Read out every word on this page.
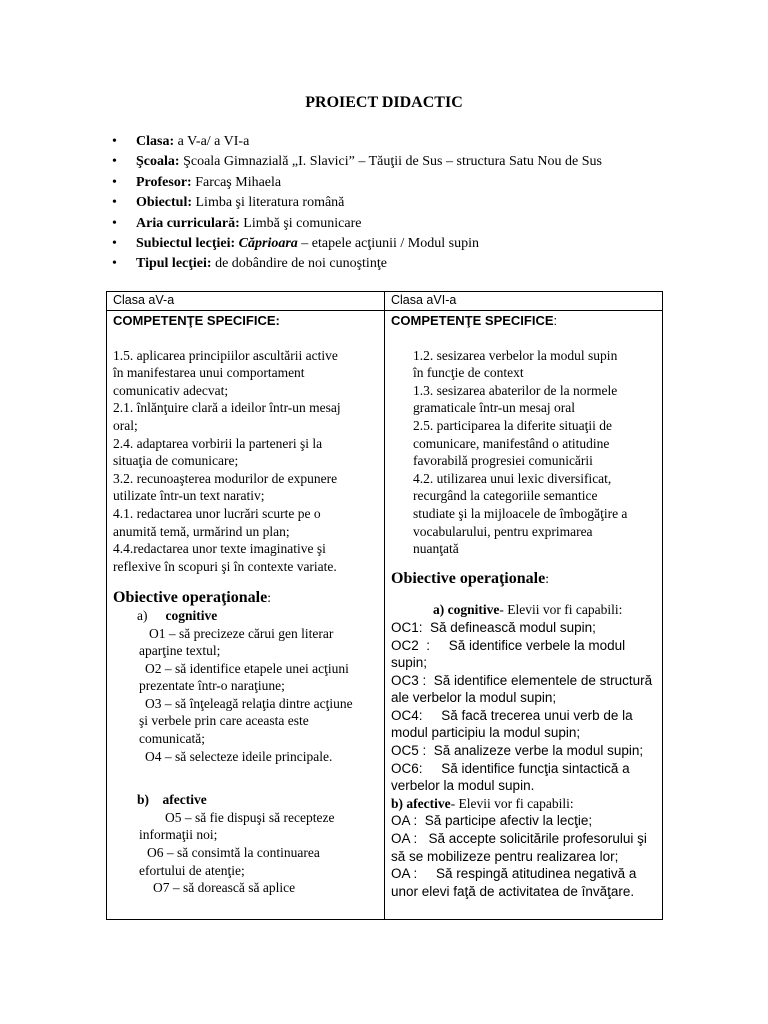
PROIECT DIDACTIC
• Clasa: a V-a/ a VI-a
• Şcoala: Şcoala Gimnazială „I. Slavici” – Tăuţii de Sus – structura Satu Nou de Sus
• Profesor: Farcaş Mihaela
• Obiectul: Limba şi literatura română
• Aria curriculară: Limbă şi comunicare
• Subiectul lecţiei: Căprioara – etapele acţiunii / Modul supin
• Tipul lecţiei: de dobândire de noi cunoştinţe
Clasa aV-a	Clasa aVI-a

COMPETENŢE SPECIFICE:

1.5. aplicarea principiilor ascultării active

în manifestarea unui comportament

comunicativ adecvat;

2.1. înlănţuire clară a ideilor într-un mesaj

oral;

2.4. adaptarea vorbirii la parteneri şi la

situaţia de comunicare;

3.2. recunoaşterea modurilor de expunere

utilizate într-un text narativ;

4.1. redactarea unor lucrări scurte pe o

anumită temă, urmărind un plan;

4.4.redactarea unor texte imaginative şi

reflexive în scopuri şi în contexte variate.

Obiective operaţionale:

a) cognitive

O1 – să precizeze cărui gen literar

aparţine textul;

O2 – să identifice etapele unei acţiuni

prezentate într-o naraţiune;

O3 – să înţeleagă relaţia dintre acţiune

şi verbele prin care aceasta este

comunicată;

O4 – să selecteze ideile principale.

b)    afective

O5 – să fie dispuşi să recepteze

informaţii noi;

O6 – să consimtă la continuarea

efortului de atenţie;

O7 – să dorească să aplice

COMPETENŢE SPECIFICE:

1.2. sesizarea verbelor la modul supin

în funcţie de context

1.3. sesizarea abaterilor de la normele

gramaticale într-un mesaj oral

2.5. participarea la diferite situaţii de

comunicare, manifestând o atitudine

favorabilă progresiei comunicării

4.2. utilizarea unui lexic diversificat,

recurgând la categoriile semantice

studiate şi la mijloacele de îmbogăţire a

vocabularului, pentru exprimarea

nuanţată

Obiective operaţionale:

a) cognitive- Elevii vor fi capabili:

OC1:  Să definească modul supin;

OC2  :     Să identifice verbele la modul

supin;

OC3 :  Să identifice elementele de structură

ale verbelor la modul supin;

OC4:     Să facă trecerea unui verb de la

modul participiu la modul supin;

OC5 :  Să analizeze verbe la modul supin;

OC6:     Să identifice funcţia sintactică a

verbelor la modul supin.

b) afective- Elevii vor fi capabili:

OA :  Să participe afectiv la lecţie;

OA :   Să accepte solicitările profesorului şi

să se mobilizeze pentru realizarea lor;

OA :     Să respingă atitudinea negativă a

unor elevi faţă de activitatea de învăţare.
